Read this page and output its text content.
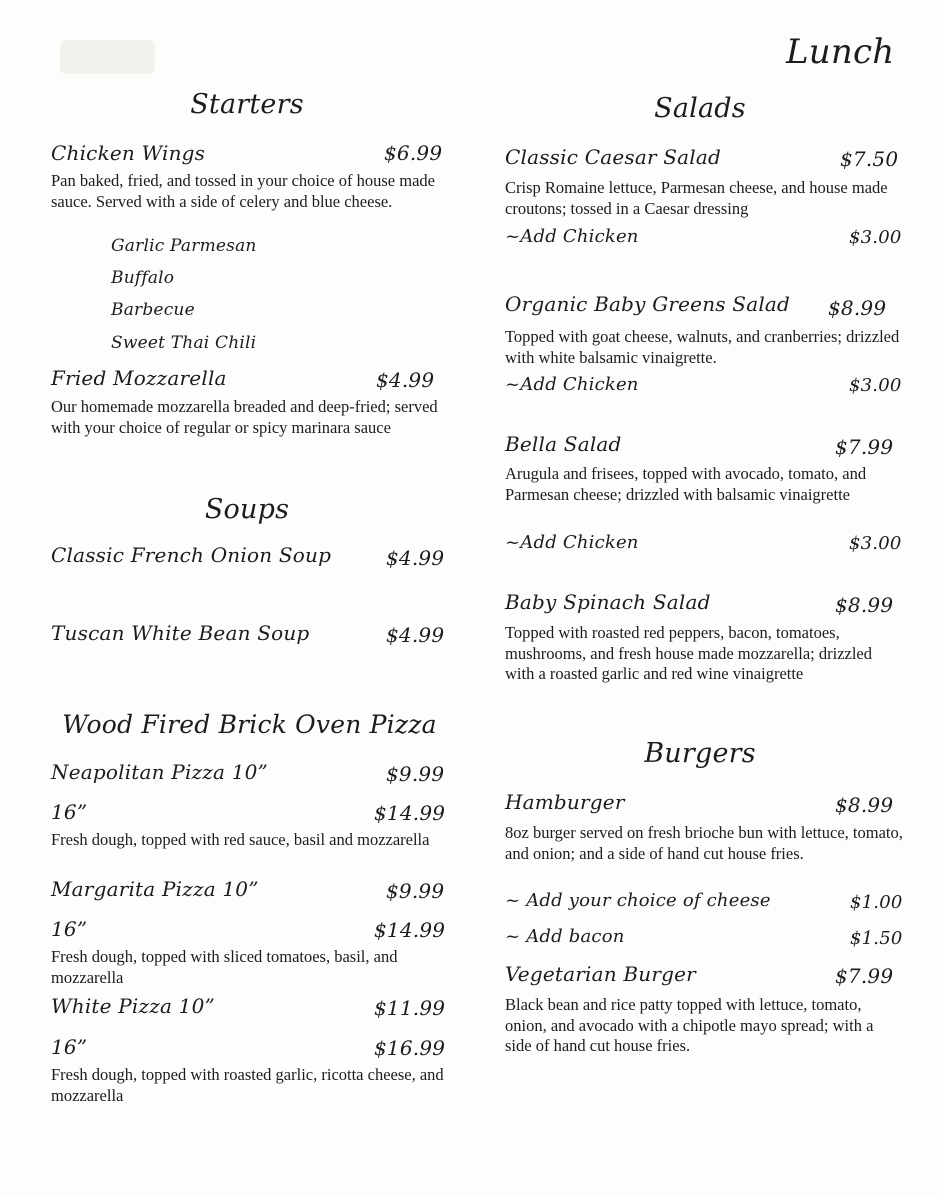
Lunch
Starters
Chicken Wings	$6.99
Pan baked, fried, and tossed in your choice of house made sauce. Served with a side of celery and blue cheese.
Garlic Parmesan
Buffalo
Barbecue
Sweet Thai Chili
Fried Mozzarella	$4.99
Our homemade mozzarella breaded and deep-fried; served with your choice of regular or spicy marinara sauce
Soups
Classic French Onion Soup	$4.99
Tuscan White Bean Soup	$4.99
Wood Fired Brick Oven Pizza
Neapolitan Pizza 10”	$9.99
16”	$14.99
Fresh dough, topped with red sauce, basil and mozzarella
Margarita Pizza 10”	$9.99
16”	$14.99
Fresh dough, topped with sliced tomatoes, basil, and mozzarella
White Pizza 10”	$11.99
16”	$16.99
Fresh dough, topped with roasted garlic, ricotta cheese, and mozzarella
Salads
Classic Caesar Salad	$7.50
Crisp Romaine lettuce, Parmesan cheese, and house made croutons; tossed in a Caesar dressing
~Add Chicken	$3.00
Organic Baby Greens Salad $8.99
Topped with goat cheese, walnuts, and cranberries; drizzled with white balsamic vinaigrette.
~Add Chicken	$3.00
Bella Salad	$7.99
Arugula and frisees, topped with avocado, tomato, and Parmesan cheese; drizzled with balsamic vinaigrette
~Add Chicken	$3.00
Baby Spinach Salad	$8.99
Topped with roasted red peppers, bacon, tomatoes, mushrooms, and fresh house made mozzarella; drizzled with a roasted garlic and red wine vinaigrette
Burgers
Hamburger	$8.99
8oz burger served on fresh brioche bun with lettuce, tomato, and onion; and a side of hand cut house fries.
~ Add your choice of cheese	$1.00
~ Add bacon	$1.50
Vegetarian Burger	$7.99
Black bean and rice patty topped with lettuce, tomato, onion, and avocado with a chipotle mayo spread; with a side of hand cut house fries.
